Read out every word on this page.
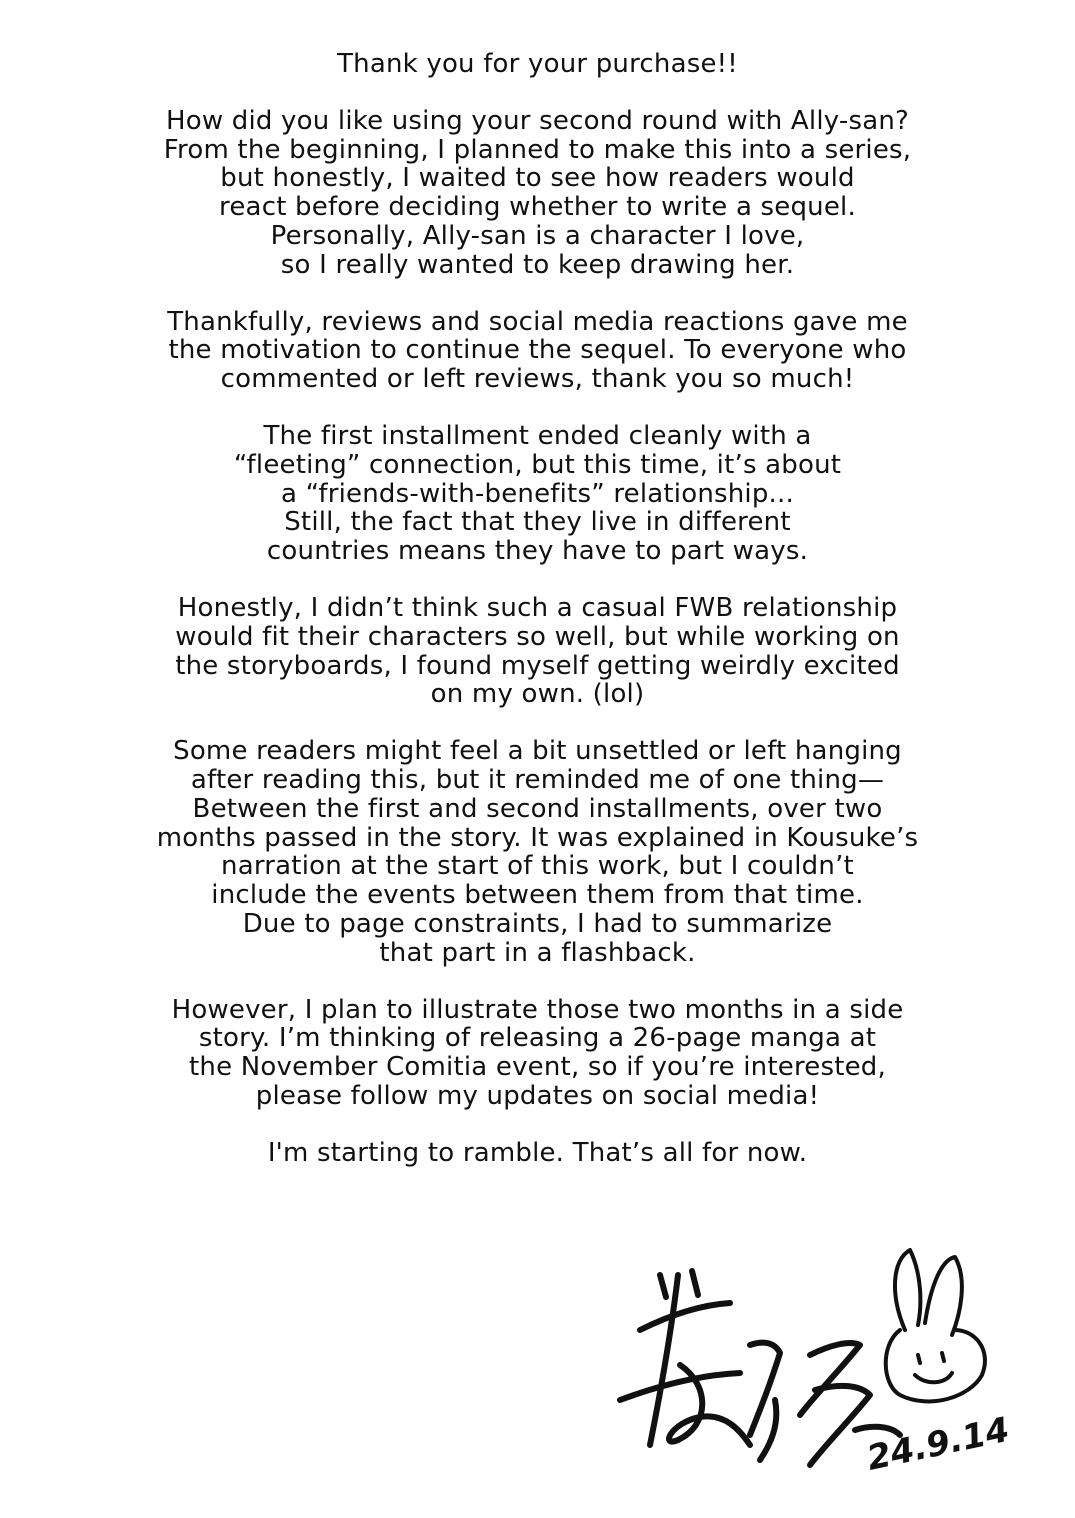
Thank you for your purchase!!
How did you like using your second round with Ally-san?
From the beginning, I planned to make this into a series,
but honestly, I waited to see how readers would
react before deciding whether to write a sequel.
Personally, Ally-san is a character I love,
so I really wanted to keep drawing her.
Thankfully, reviews and social media reactions gave me
the motivation to continue the sequel. To everyone who
commented or left reviews, thank you so much!
The first installment ended cleanly with a
“fleeting” connection, but this time, it’s about
a “friends-with-benefits” relationship...
Still, the fact that they live in different
countries means they have to part ways.
Honestly, I didn’t think such a casual FWB relationship
would fit their characters so well, but while working on
the storyboards, I found myself getting weirdly excited
on my own. (lol)
Some readers might feel a bit unsettled or left hanging
after reading this, but it reminded me of one thing—
Between the first and second installments, over two
months passed in the story. It was explained in Kousuke’s
narration at the start of this work, but I couldn’t
include the events between them from that time.
Due to page constraints, I had to summarize
that part in a flashback.
However, I plan to illustrate those two months in a side
story. I’m thinking of releasing a 26-page manga at
the November Comitia event, so if you’re interested,
please follow my updates on social media!
I'm starting to ramble. That’s all for now.
24.9.14
